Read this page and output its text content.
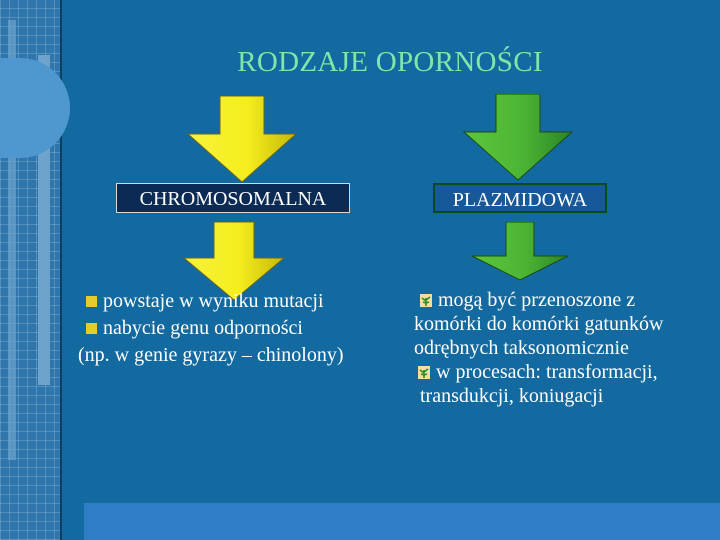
RODZAJE OPORNOŚCI
CHROMOSOMALNA	PLAZMIDOWA
powstaje w wyniku mutacji
nabycie genu odporności
(np. w genie gyrazy – chinolony)
mogą być przenoszone z
komórki do komórki gatunków
odrębnych taksonomicznie
w procesach: transformacji,
transdukcji, koniugacji
